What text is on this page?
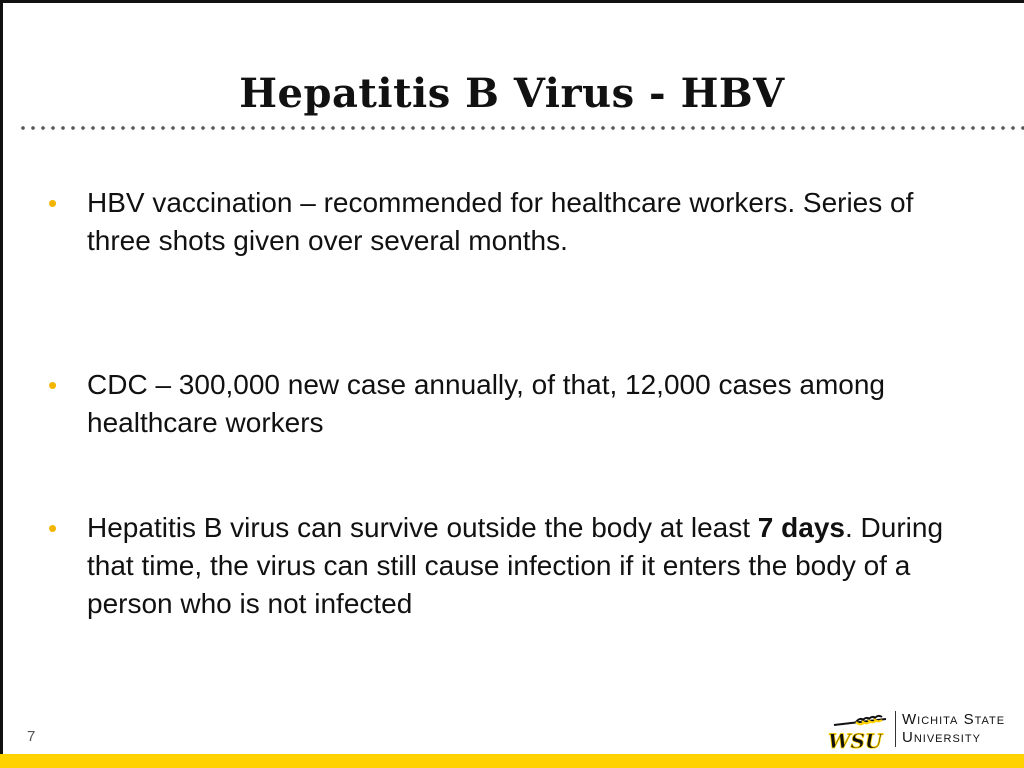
Hepatitis B Virus - HBV
• HBV vaccination – recommended for healthcare workers. Series of three shots given over several months.
• CDC – 300,000 new case annually, of that, 12,000 cases among healthcare workers
• Hepatitis B virus can survive outside the body at least 7 days. During that time, the virus can still cause infection if it enters the body of a person who is not infected
7	WSU
Wichita State
University
